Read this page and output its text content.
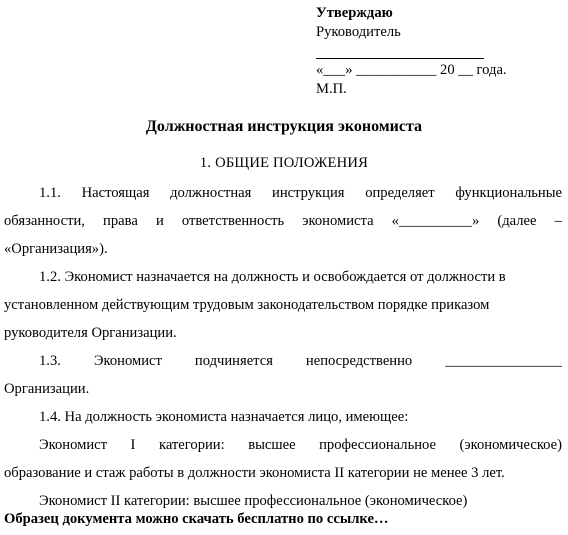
Утверждаю
Руководитель
«___» ___________ 20 __ года.
М.П.
Должностная инструкция экономиста
1. ОБЩИЕ ПОЛОЖЕНИЯ
1.1. Настоящая должностная инструкция определяет функциональные
обязанности, права и ответственность экономиста «__________» (далее –
«Организация»).
1.2. Экономист назначается на должность и освобождается от должности в
установленном действующим трудовым законодательством порядке приказом
руководителя Организации.
1.3. Экономист подчиняется непосредственно ________________
Организации.
1.4. На должность экономиста назначается лицо, имеющее:
Экономист I категории: высшее профессиональное (экономическое)
образование и стаж работы в должности экономиста II категории не менее 3 лет.
Экономист II категории: высшее профессиональное (экономическое)
Образец документа можно скачать бесплатно по ссылке…
